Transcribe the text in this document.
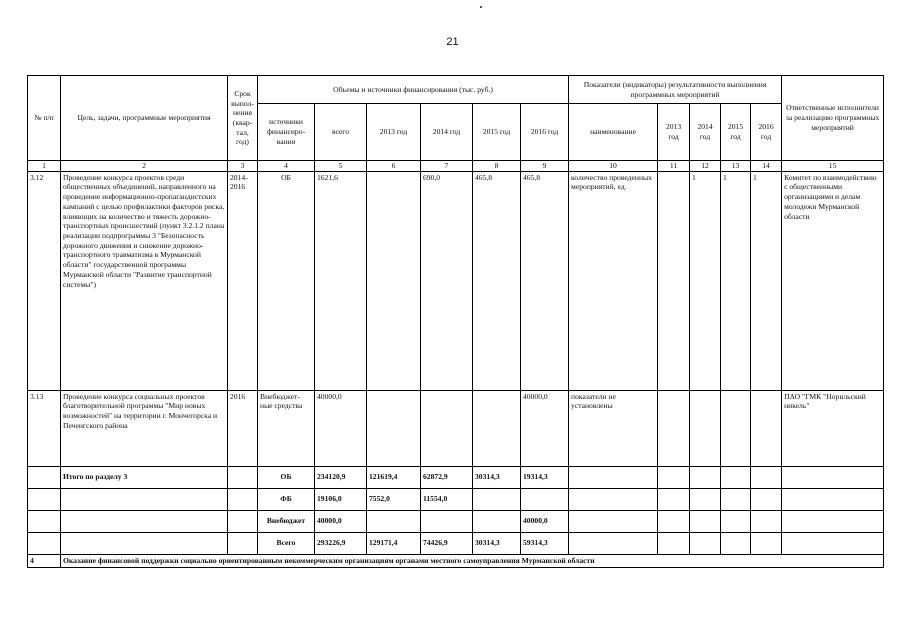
21
№ п/п	Цель, задачи, программные мероприятия	Срок выпол-нения (квар-тал, год)	Объемы и источники финансирования (тыс. руб.)						Показатели (индикаторы) результативности выполнения программных мероприятий					Ответственные исполнители за реализацию программных мероприятий
			источники финансиро-вания	всего	2013 год	2014 год	2015 год	2016 год	наименование	2013 год	2014 год	2015 год	2016 год	
1	2	3	4	5	6	7	8	9	10	11	12	13	14	15
3.12	Проведение конкурса проектов среди общественных объединений, направленного на проведение информационно-пропагандистских кампаний с целью профилактики факторов риска, влияющих на количество и тяжесть дорожно-транспортных происшествий (пункт 3.2.1.2 плана реализации подпрограммы 3 "Безопасность дорожного движения и снижение дорожно-транспортного травматизма в Мурманской области" государственной программы Мурманской области "Развитие транспортной системы")	2014-2016	ОБ	1621,6		690,0	465,8	465,8	количество проведенных мероприятий, ед.		1	1	1	Комитет по взаимодействию с общественными организациями и делам молодежи Мурманской области
3.13	Проведение конкурса социальных проектов благотворительной программы "Мир новых возможностей" на территории г. Мончегорска и Печенгского района	2016	Внебюджет-ные средства	40000,0				40000,0	показатели не установлены					ПАО "ГМК "Норильский никель"
	Итого по разделу 3		ОБ	234120,9	121619,4	62872,9	30314,3	19314,3						
			ФБ	19106,0	7552,0	11554,0								
			Внебюджет	40000,0				40000,0						
			Всего	293226,9	129171,4	74426,9	30314,3	59314,3						
4	Оказание финансовой поддержки социально ориентированным некоммерческим организациям органами местного самоуправления Мурманской области													
